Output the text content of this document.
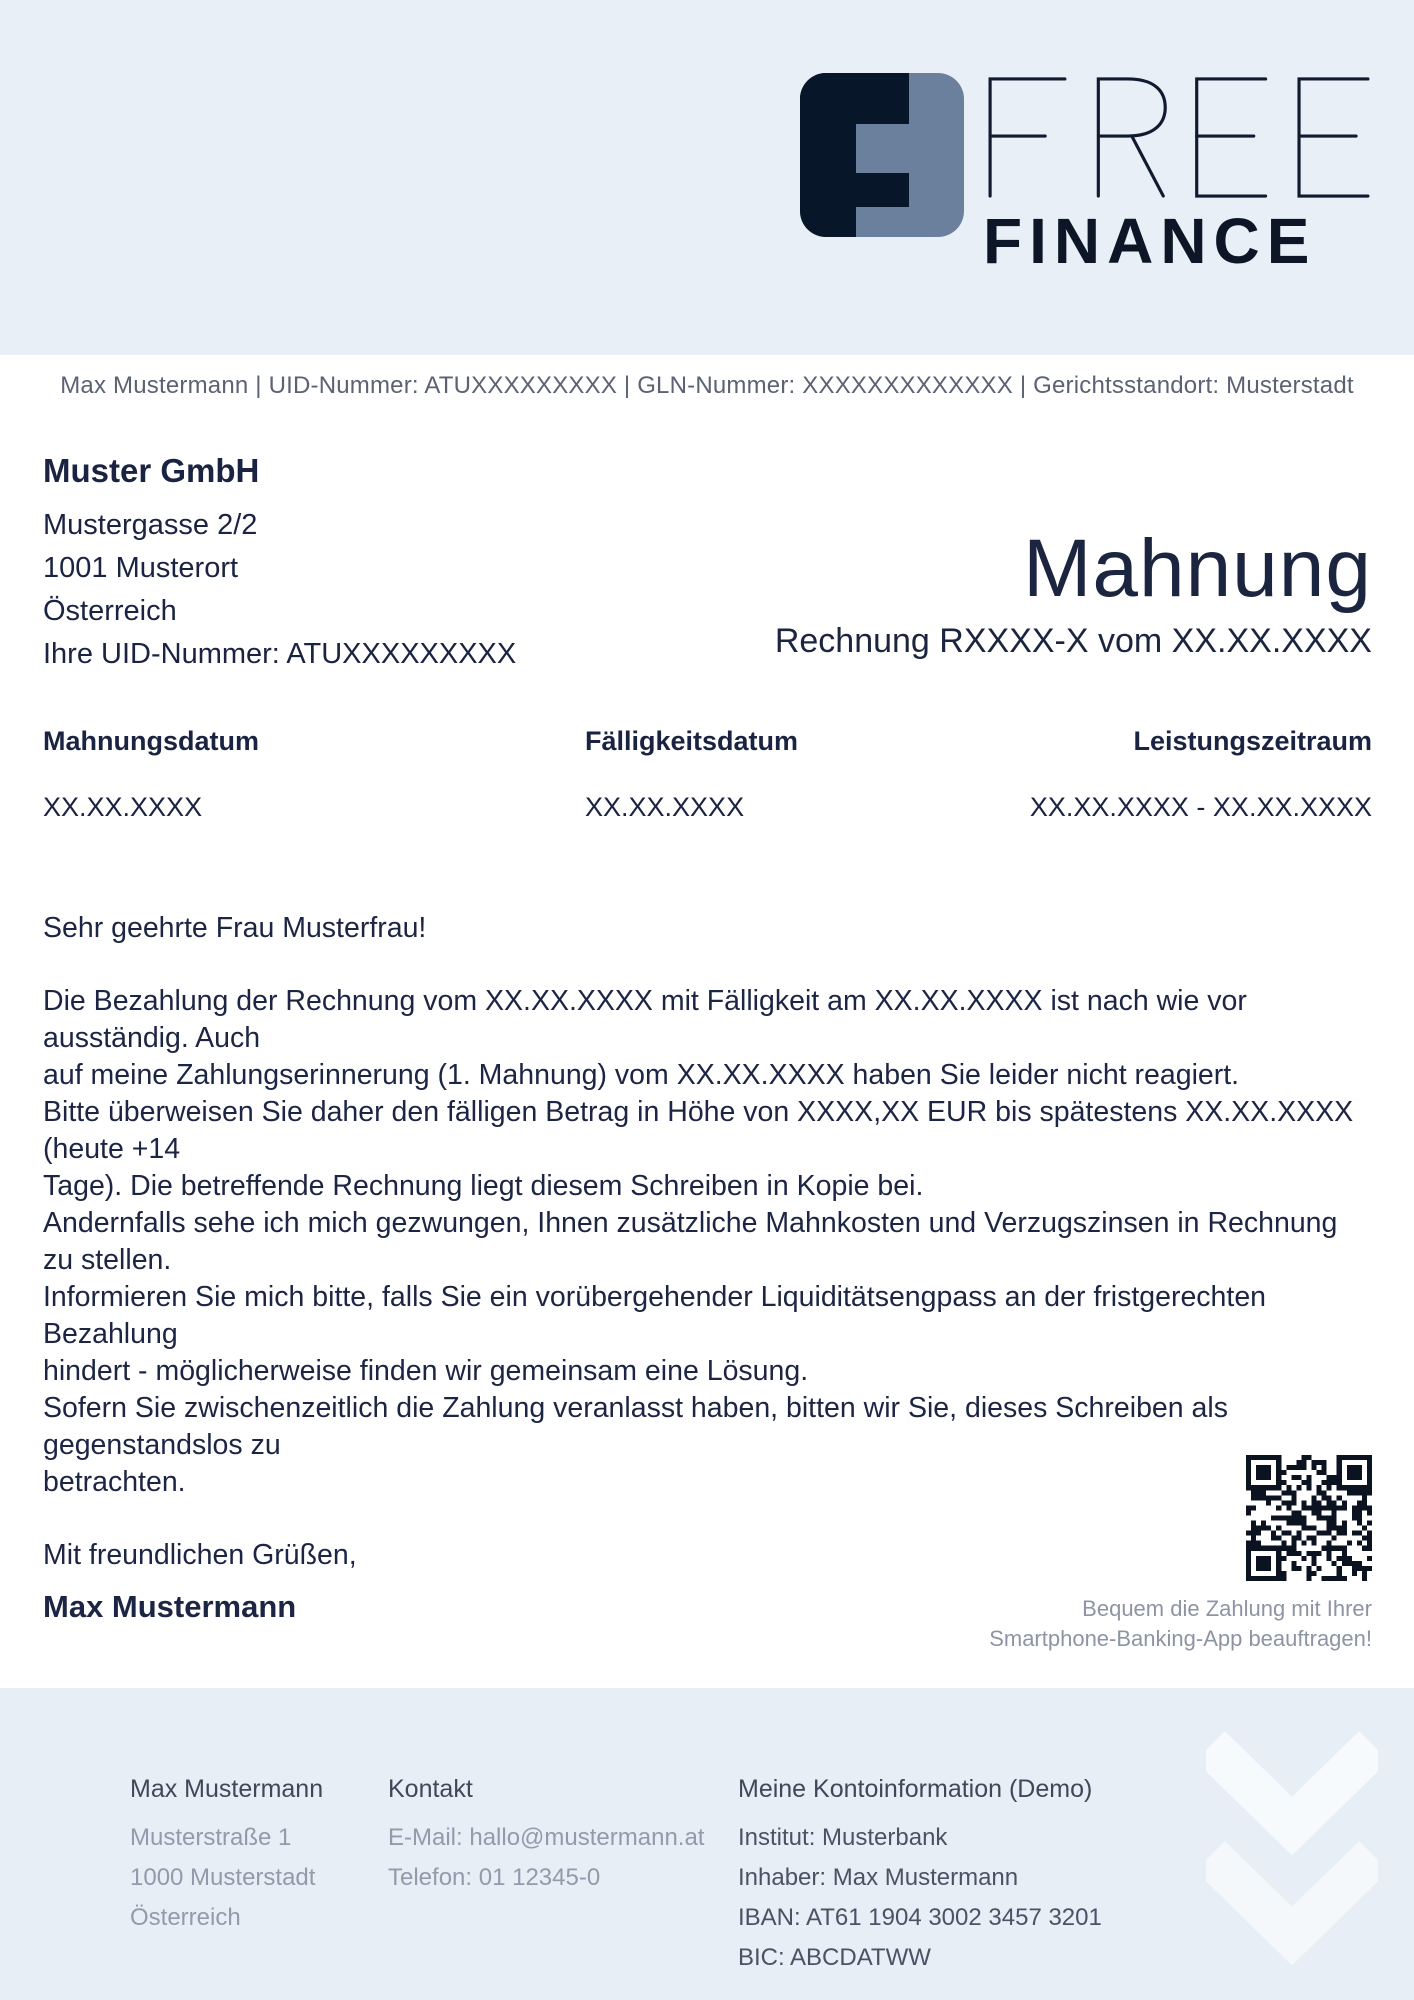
FINANCE
Max Mustermann | UID-Nummer: ATUXXXXXXXXX | GLN-Nummer: XXXXXXXXXXXXX | Gerichtsstandort: Musterstadt
Muster GmbH
Mustergasse 2/2
1001 Musterort
Österreich
Ihre UID-Nummer: ATUXXXXXXXXX
Mahnung
Rechnung RXXXX-X vom XX.XX.XXXX
Mahnungsdatum	Fälligkeitsdatum	Leistungszeitraum
XX.XX.XXXX	XX.XX.XXXX	XX.XX.XXXX - XX.XX.XXXX
Sehr geehrte Frau Musterfrau!
Die Bezahlung der Rechnung vom XX.XX.XXXX mit Fälligkeit am XX.XX.XXXX ist nach wie vor ausständig. Auch
auf meine Zahlungserinnerung (1. Mahnung) vom XX.XX.XXXX haben Sie leider nicht reagiert.
Bitte überweisen Sie daher den fälligen Betrag in Höhe von XXXX,XX EUR bis spätestens XX.XX.XXXX (heute +14
Tage). Die betreffende Rechnung liegt diesem Schreiben in Kopie bei.
Andernfalls sehe ich mich gezwungen, Ihnen zusätzliche Mahnkosten und Verzugszinsen in Rechnung zu stellen.
Informieren Sie mich bitte, falls Sie ein vorübergehender Liquiditätsengpass an der fristgerechten Bezahlung
hindert - möglicherweise finden wir gemeinsam eine Lösung.
Sofern Sie zwischenzeitlich die Zahlung veranlasst haben, bitten wir Sie, dieses Schreiben als gegenstandslos zu
betrachten.
Mit freundlichen Grüßen,
Max Mustermann	Bequem die Zahlung mit Ihrer
Smartphone-Banking-App beauftragen!
Max Mustermann
Musterstraße 1
1000 Musterstadt
Österreich
Kontakt
E-Mail: hallo@mustermann.at
Telefon: 01 12345-0
Meine Kontoinformation (Demo)
Institut: Musterbank
Inhaber: Max Mustermann
IBAN: AT61 1904 3002 3457 3201
BIC: ABCDATWW
